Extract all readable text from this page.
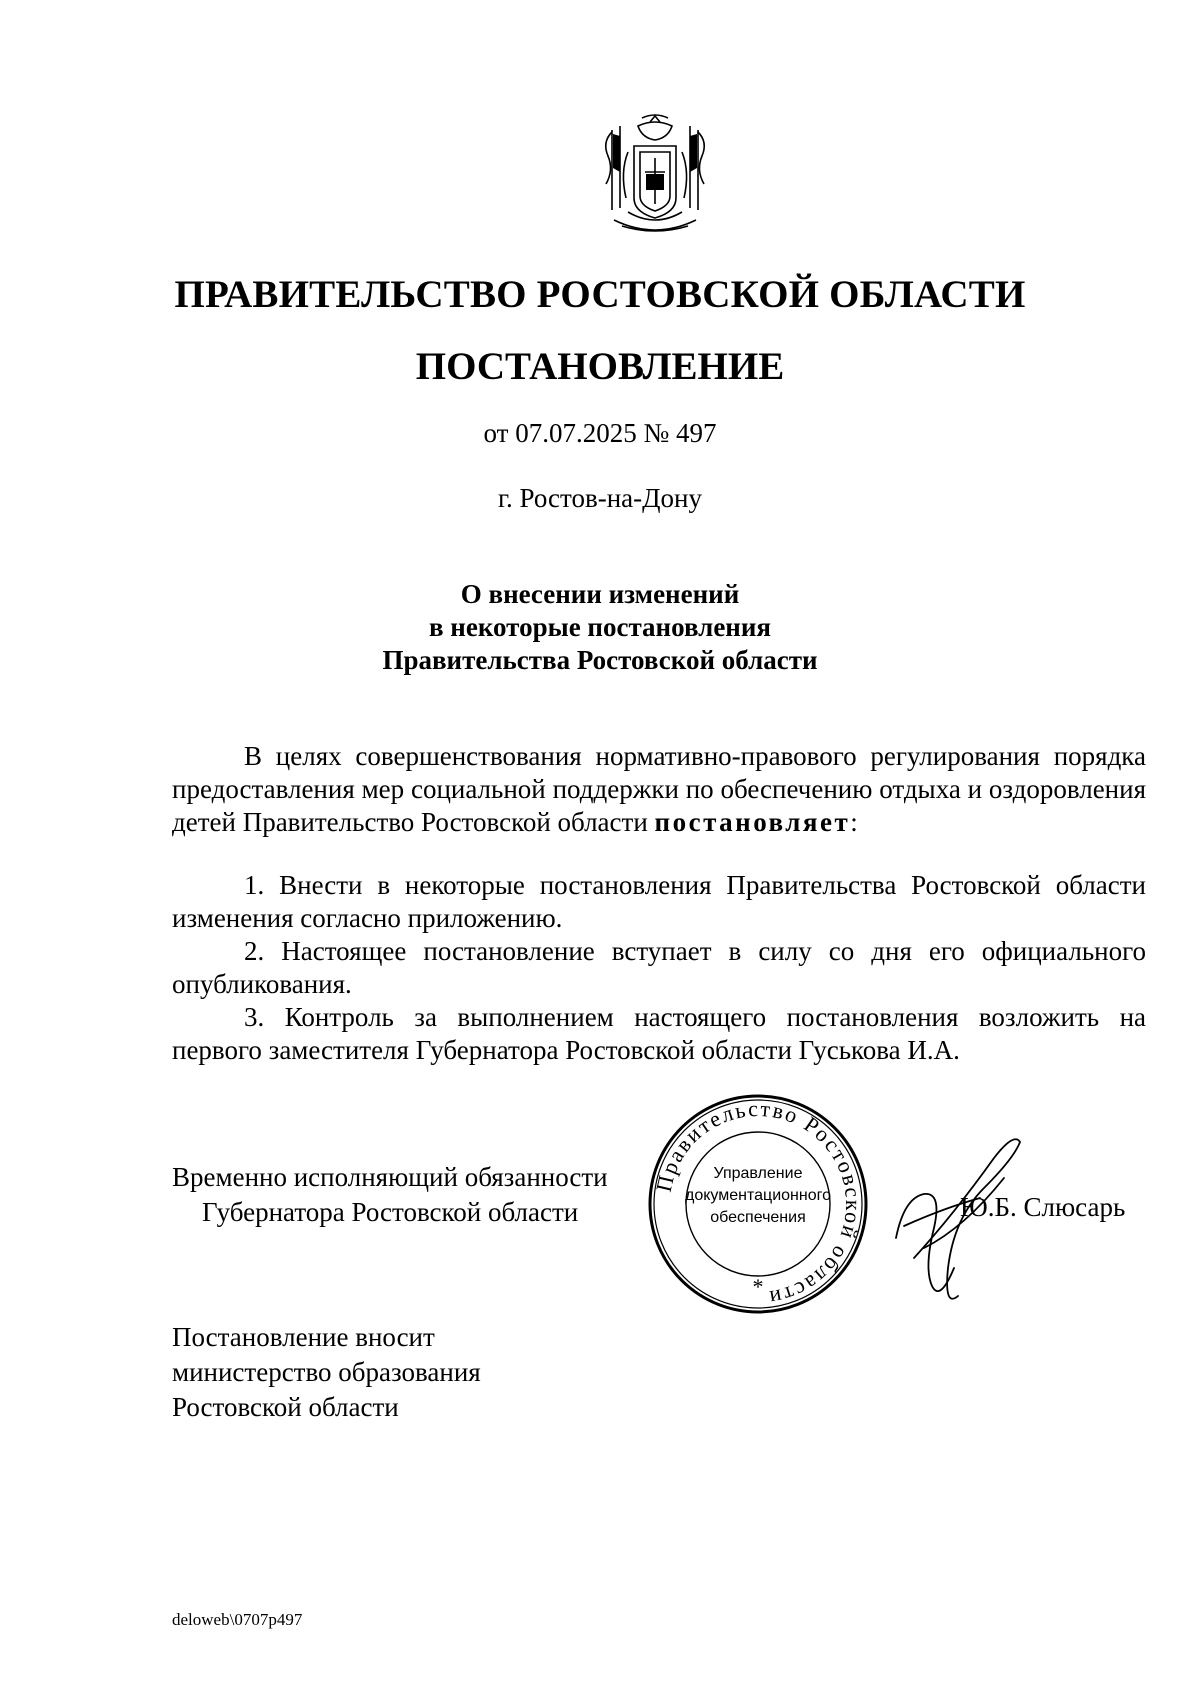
ПРАВИТЕЛЬСТВО РОСТОВСКОЙ ОБЛАСТИ
ПОСТАНОВЛЕНИЕ
от 07.07.2025 № 497
г. Ростов-на-Дону
О внесении изменений
в некоторые постановления
Правительства Ростовской области

В целях совершенствования нормативно-правового регулирования порядка предоставления мер социальной поддержки по обеспечению отдыха и оздоровления детей Правительство Ростовской области постановляет:

1. Внести в некоторые постановления Правительства Ростовской области изменения согласно приложению.

2. Настоящее постановление вступает в силу со дня его официального опубликования.

3. Контроль за выполнением настоящего постановления возложить на первого заместителя Губернатора Ростовской области Гуськова И.А.

Временно исполняющий обязанности
Губернатора Ростовской области
Правительство Ростовской области
*
Управление
документационного
обеспечения	Ю.Б. Слюсарь
Постановление вносит
министерство образования
Ростовской области
deloweb\0707p497
